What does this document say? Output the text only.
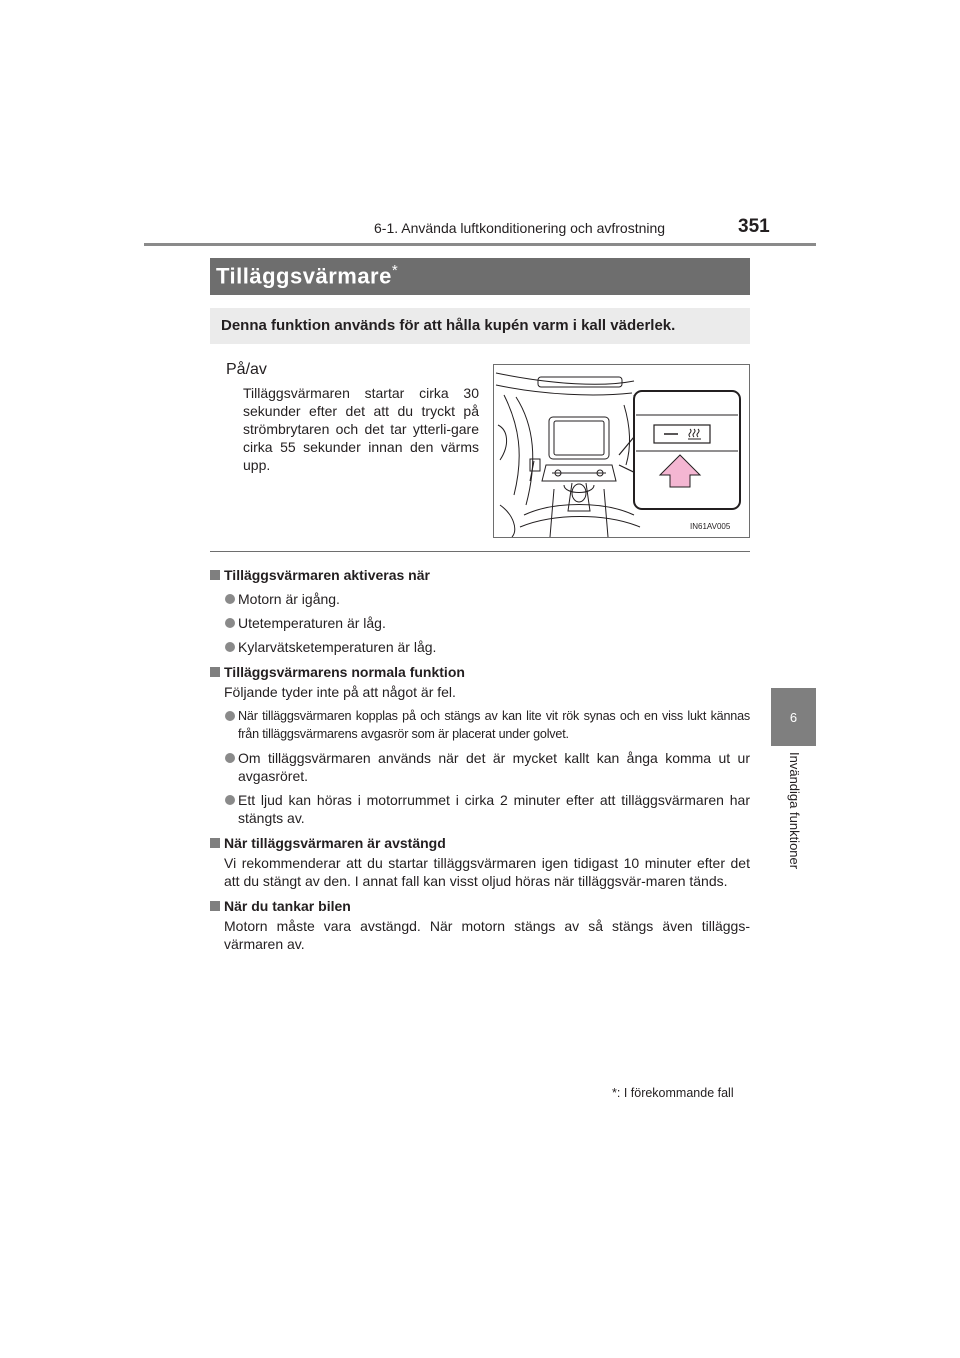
6-1. Använda luftkonditionering och avfrostning	351
6
Invändiga funktioner
Tilläggsvärmare*
Denna funktion används för att hålla kupén varm i kall väderlek.
På/av
Tilläggsvärmaren startar cirka 30 sekunder efter det att du tryckt på strömbrytaren och det tar ytterli-gare cirka 55 sekunder innan den värms upp.
IN61AV005
Tilläggsvärmaren aktiveras när
Motorn är igång.
Utetemperaturen är låg.
Kylarvätsketemperaturen är låg.
Tilläggsvärmarens normala funktion
Följande tyder inte på att något är fel.
När tilläggsvärmaren kopplas på och stängs av kan lite vit rök synas och en viss lukt kännas från tilläggsvärmarens avgasrör som är placerat under golvet.
Om tilläggsvärmaren används när det är mycket kallt kan ånga komma ut ur avgasröret.
Ett ljud kan höras i motorrummet i cirka 2 minuter efter att tilläggsvärmaren har stängts av.
När tilläggsvärmaren är avstängd
Vi rekommenderar att du startar tilläggsvärmaren igen tidigast 10 minuter efter det att du stängt av den. I annat fall kan visst oljud höras när tilläggsvär-maren tänds.
När du tankar bilen
Motorn måste vara avstängd. När motorn stängs av så stängs även tilläggs-värmaren av.
*: I förekommande fall
